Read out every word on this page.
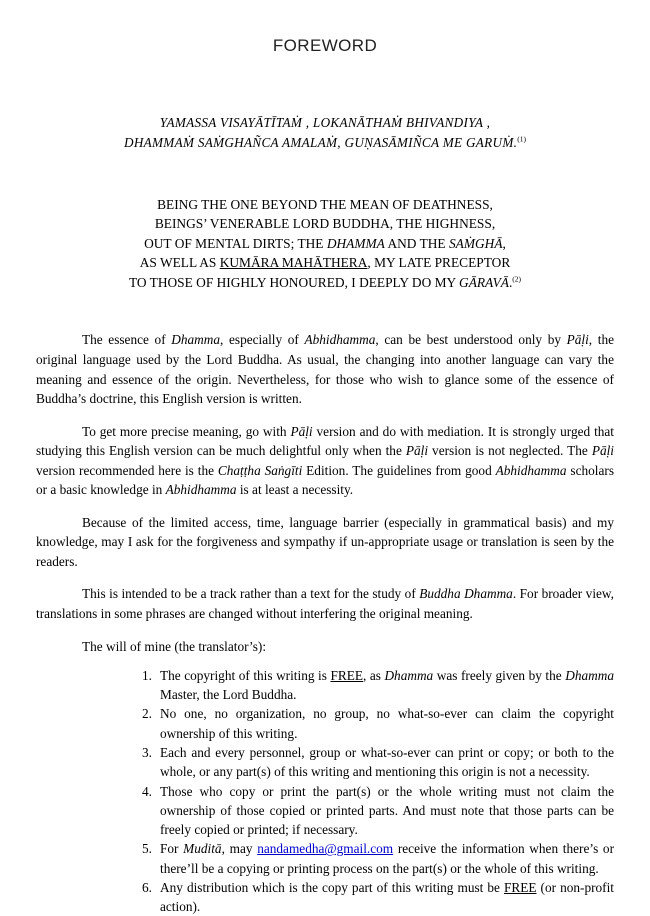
FOREWORD
YAMASSA VISAYĀTĪTAṀ , LOKANĀTHAṀ BHIVANDIYA ,
DHAMMAṀ SAṀGHAÑCA AMALAṀ, GUṆASĀMIÑCA ME GARUṀ.$^{(1)}$
BEING THE ONE BEYOND THE MEAN OF DEATHNESS,
BEINGS’ VENERABLE LORD BUDDHA, THE HIGHNESS,
OUT OF MENTAL DIRTS; THE DHAMMA AND THE SAṀGHĀ,
AS WELL AS KUMĀRA MAHĀTHERA, MY LATE PRECEPTOR
TO THOSE OF HIGHLY HONOURED, I DEEPLY DO MY GĀRAVĀ.$^{(2)}$

The essence of Dhamma, especially of Abhidhamma, can be best understood only by Pāḷi, the original language used by the Lord Buddha. As usual, the changing into another language can vary the meaning and essence of the origin. Nevertheless, for those who wish to glance some of the essence of Buddha’s doctrine, this English version is written.

To get more precise meaning, go with Pāḷi version and do with mediation. It is strongly urged that studying this English version can be much delightful only when the Pāḷi version is not neglected. The Pāḷi version recommended here is the Chaṭṭha Saṅgīti Edition. The guidelines from good Abhidhamma scholars or a basic knowledge in Abhidhamma is at least a necessity.

Because of the limited access, time, language barrier (especially in grammatical basis) and my knowledge, may I ask for the forgiveness and sympathy if un-appropriate usage or translation is seen by the readers.

This is intended to be a track rather than a text for the study of Buddha Dhamma. For broader view, translations in some phrases are changed without interfering the original meaning.

The will of mine (the translator’s):

The copyright of this writing is FREE, as Dhamma was freely given by the Dhamma Master, the Lord Buddha.
No one, no organization, no group, no what-so-ever can claim the copyright ownership of this writing.
Each and every personnel, group or what-so-ever can print or copy; or both to the whole, or any part(s) of this writing and mentioning this origin is not a necessity.
Those who copy or print the part(s) or the whole writing must not claim the ownership of those copied or printed parts. And must note that those parts can be freely copied or printed; if necessary.
For Muditā, may nandamedha@gmail.com receive the information when there’s or there’ll be a copying or printing process on the part(s) or the whole of this writing.
Any distribution which is the copy part of this writing must be FREE (or non-profit action).
